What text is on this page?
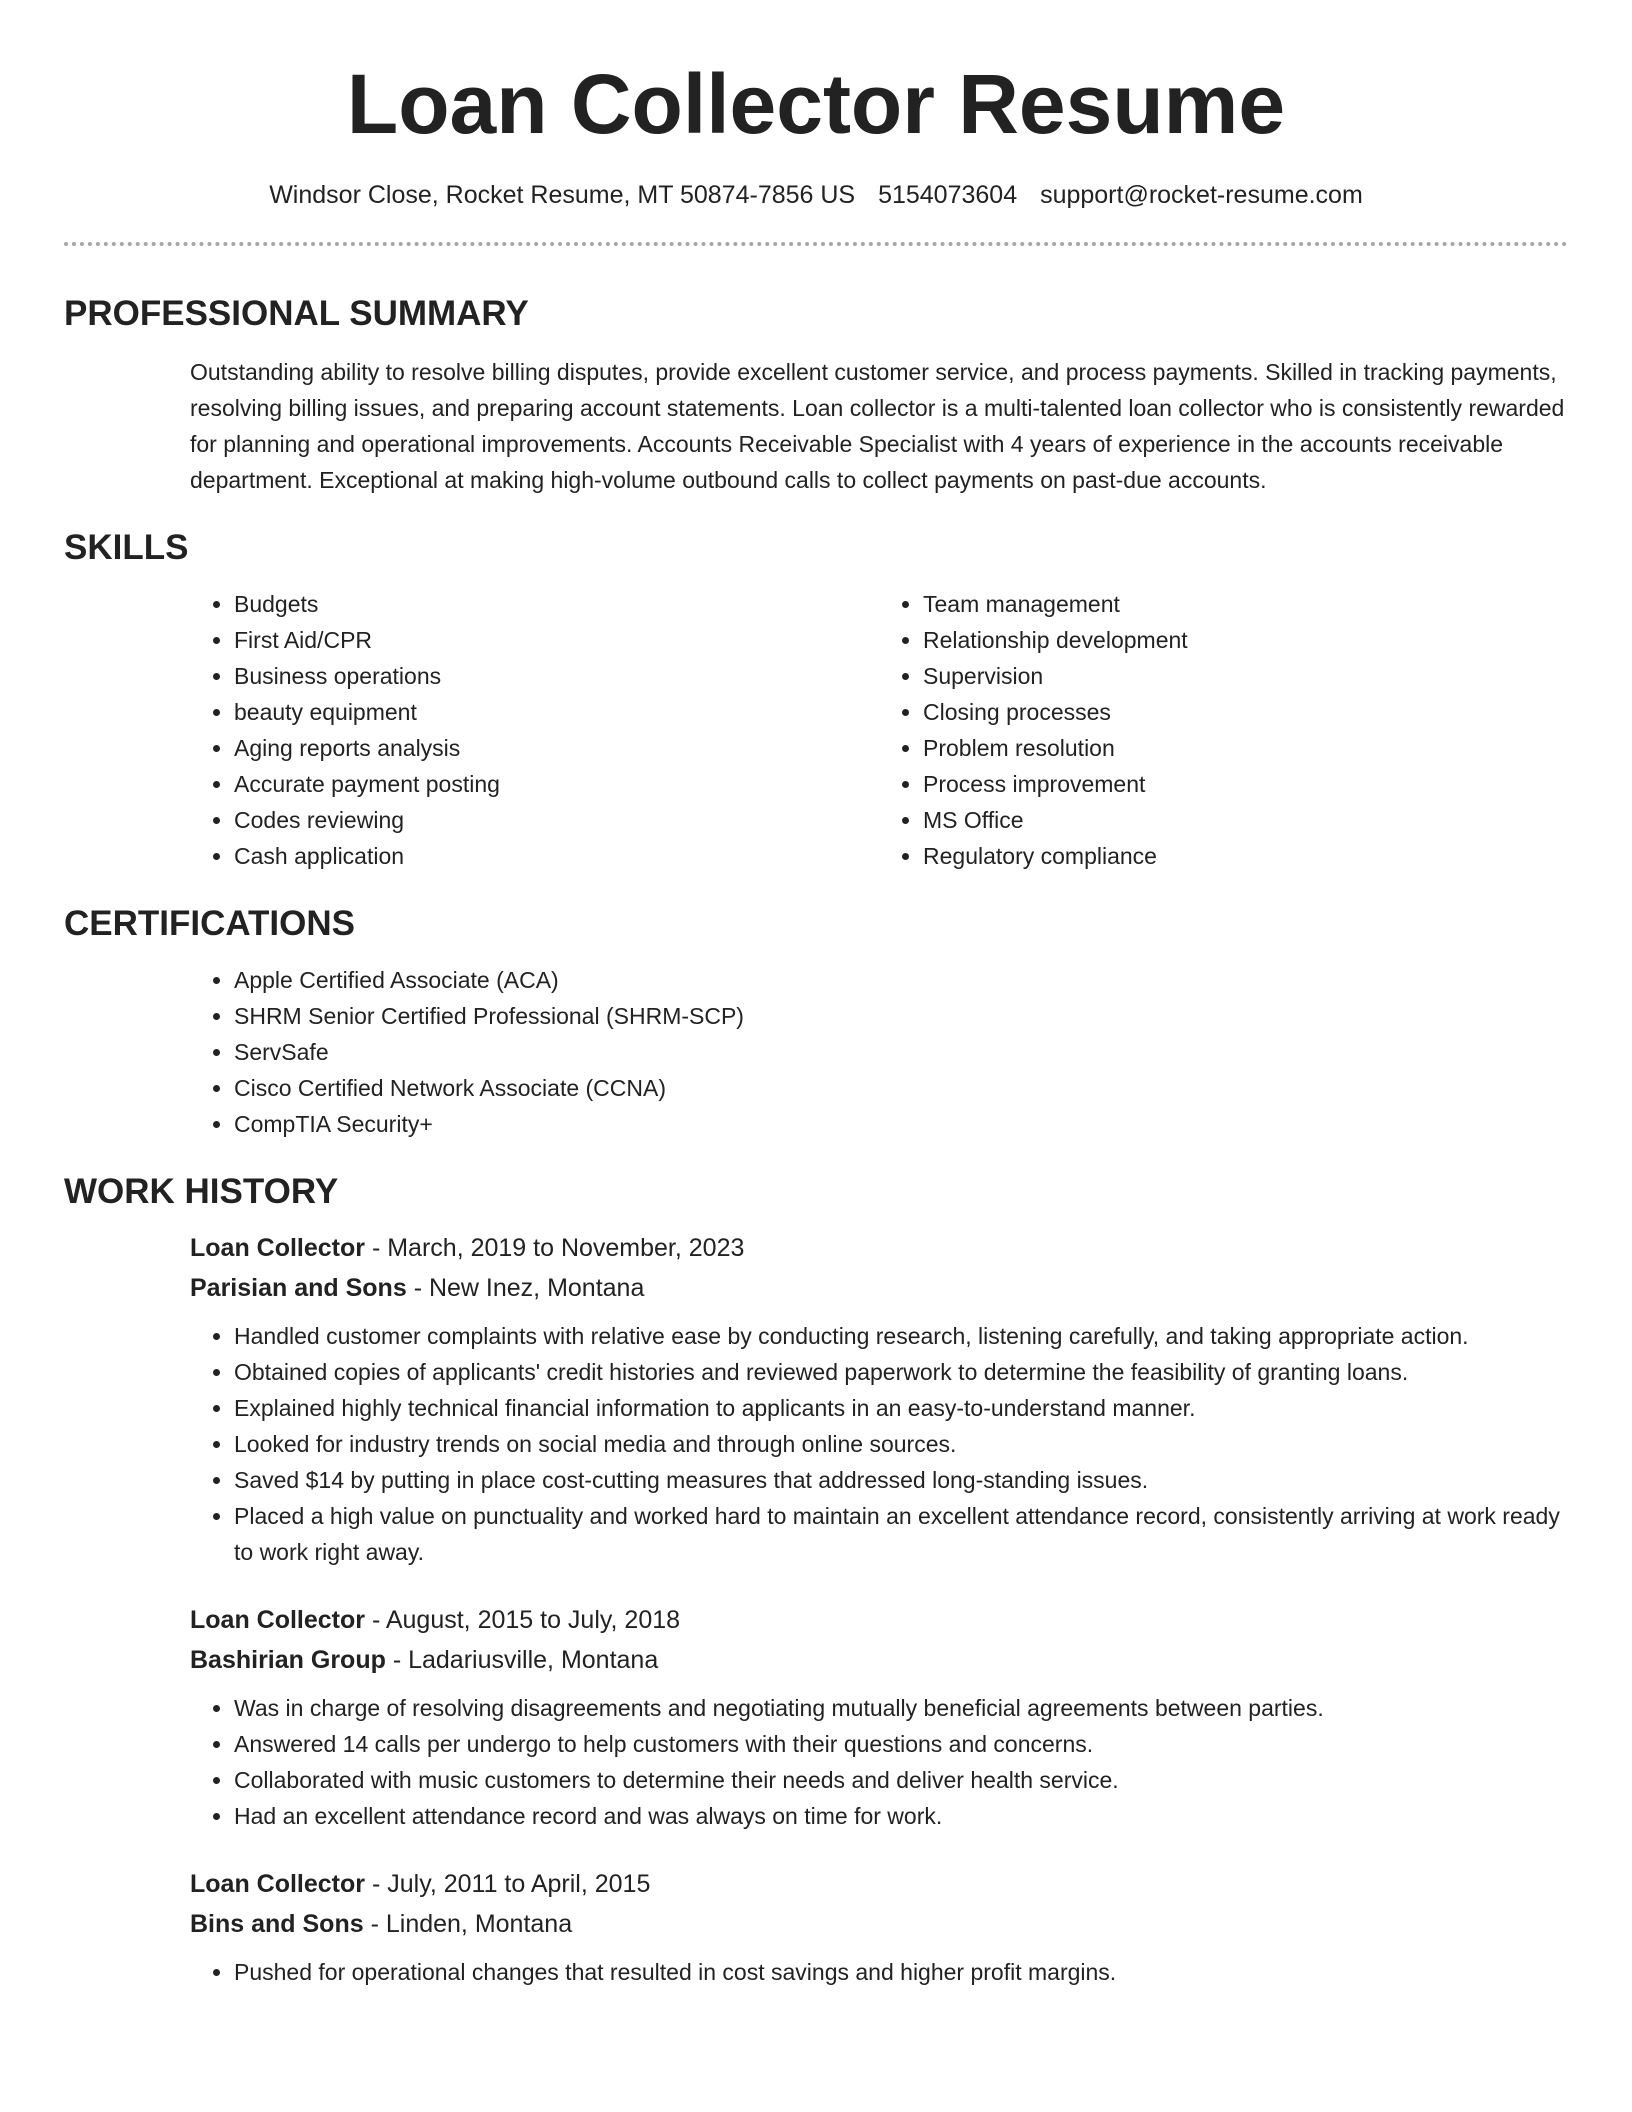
Loan Collector Resume
Windsor Close, Rocket Resume, MT 50874-7856 US 5154073604 support@rocket-resume.com
PROFESSIONAL SUMMARY

Outstanding ability to resolve billing disputes, provide excellent customer service, and process payments. Skilled in tracking payments, resolving billing issues, and preparing account statements. Loan collector is a multi-talented loan collector who is consistently rewarded for planning and operational improvements. Accounts Receivable Specialist with 4 years of experience in the accounts receivable department. Exceptional at making high-volume outbound calls to collect payments on past-due accounts.

SKILLS
• Budgets
• First Aid/CPR
• Business operations
• beauty equipment
• Aging reports analysis
• Accurate payment posting
• Codes reviewing
• Cash application
• Team management
• Relationship development
• Supervision
• Closing processes
• Problem resolution
• Process improvement
• MS Office
• Regulatory compliance
CERTIFICATIONS
• Apple Certified Associate (ACA)
• SHRM Senior Certified Professional (SHRM-SCP)
• ServSafe
• Cisco Certified Network Associate (CCNA)
• CompTIA Security+
WORK HISTORY

Loan Collector - March, 2019 to November, 2023

Parisian and Sons - New Inez, Montana

• Handled customer complaints with relative ease by conducting research, listening carefully, and taking appropriate action.
• Obtained copies of applicants' credit histories and reviewed paperwork to determine the feasibility of granting loans.
• Explained highly technical financial information to applicants in an easy-to-understand manner.
• Looked for industry trends on social media and through online sources.
• Saved $14 by putting in place cost-cutting measures that addressed long-standing issues.
• Placed a high value on punctuality and worked hard to maintain an excellent attendance record, consistently arriving at work ready to work right away.

Loan Collector - August, 2015 to July, 2018

Bashirian Group - Ladariusville, Montana

• Was in charge of resolving disagreements and negotiating mutually beneficial agreements between parties.
• Answered 14 calls per undergo to help customers with their questions and concerns.
• Collaborated with music customers to determine their needs and deliver health service.
• Had an excellent attendance record and was always on time for work.

Loan Collector - July, 2011 to April, 2015

Bins and Sons - Linden, Montana

• Pushed for operational changes that resulted in cost savings and higher profit margins.
